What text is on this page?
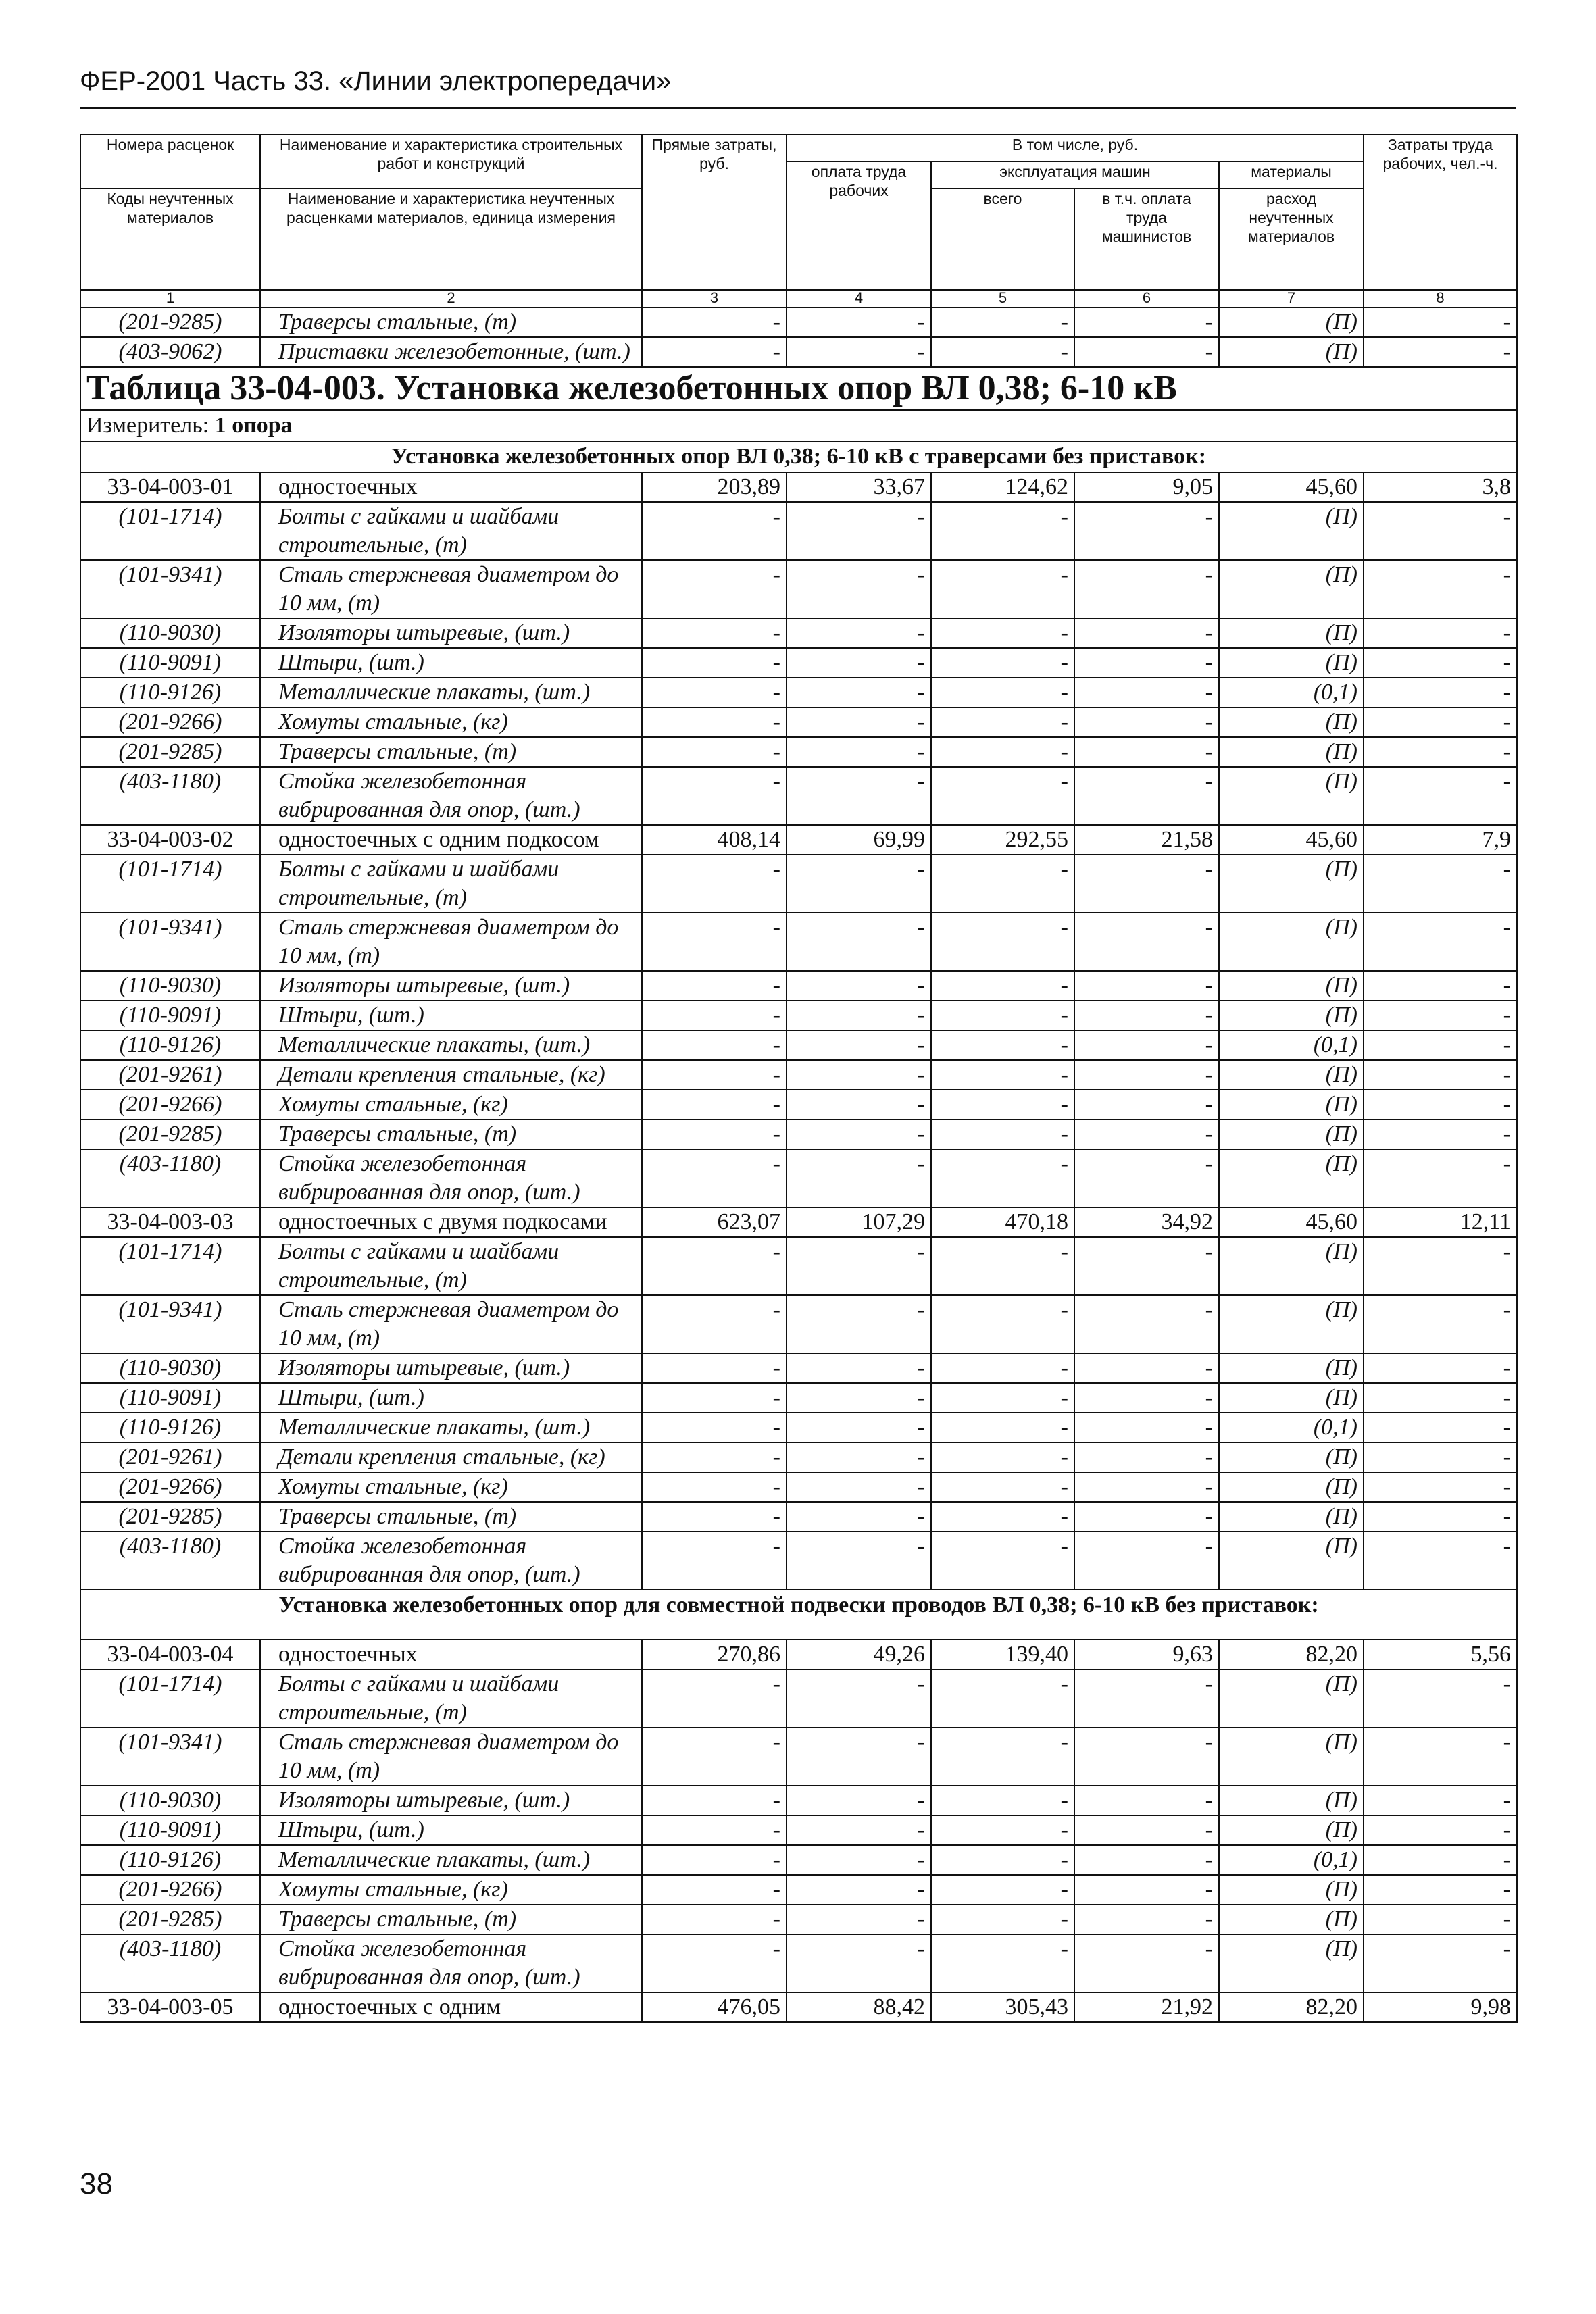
ФЕР-2001 Часть 33. «Линии электропередачи»
Номера расценок	Наименование и характеристика строительных работ и конструкций	Прямые затраты, руб.	В том числе, руб.				Затраты труда рабочих, чел.-ч.
			оплата труда рабочих	эксплуатация машин		материалы	
Коды неучтенных материалов	Наименование и характеристика неучтенных расценками материалов, единица измерения			всего	в т.ч. оплата труда машинистов	расход неучтенных материалов	
1	2	3	4	5	6	7	8
(201-9285)	Траверсы стальные, (т)	-	-	-	-	(П)	-
(403-9062)	Приставки железобетонные, (шт.)	-	-	-	-	(П)	-
Таблица 33-04-003. Установка железобетонных опор ВЛ 0,38; 6-10 кВ							
Измеритель: 1 опора							
Установка железобетонных опор ВЛ 0,38; 6-10 кВ с траверсами без приставок:							
33-04-003-01	одностоечных	203,89	33,67	124,62	9,05	45,60	3,8
(101-1714)	Болты с гайками и шайбами строительные, (т)	-	-	-	-	(П)	-
(101-9341)	Сталь стержневая диаметром до 10 мм, (т)	-	-	-	-	(П)	-
(110-9030)	Изоляторы штыревые, (шт.)	-	-	-	-	(П)	-
(110-9091)	Штыри, (шт.)	-	-	-	-	(П)	-
(110-9126)	Металлические плакаты, (шт.)	-	-	-	-	(0,1)	-
(201-9266)	Хомуты стальные, (кг)	-	-	-	-	(П)	-
(201-9285)	Траверсы стальные, (т)	-	-	-	-	(П)	-
(403-1180)	Стойка железобетонная вибрированная для опор, (шт.)	-	-	-	-	(П)	-
33-04-003-02	одностоечных с одним подкосом	408,14	69,99	292,55	21,58	45,60	7,9
(101-1714)	Болты с гайками и шайбами строительные, (т)	-	-	-	-	(П)	-
(101-9341)	Сталь стержневая диаметром до 10 мм, (т)	-	-	-	-	(П)	-
(110-9030)	Изоляторы штыревые, (шт.)	-	-	-	-	(П)	-
(110-9091)	Штыри, (шт.)	-	-	-	-	(П)	-
(110-9126)	Металлические плакаты, (шт.)	-	-	-	-	(0,1)	-
(201-9261)	Детали крепления стальные, (кг)	-	-	-	-	(П)	-
(201-9266)	Хомуты стальные, (кг)	-	-	-	-	(П)	-
(201-9285)	Траверсы стальные, (т)	-	-	-	-	(П)	-
(403-1180)	Стойка железобетонная вибрированная для опор, (шт.)	-	-	-	-	(П)	-
33-04-003-03	одностоечных с двумя подкосами	623,07	107,29	470,18	34,92	45,60	12,11
(101-1714)	Болты с гайками и шайбами строительные, (т)	-	-	-	-	(П)	-
(101-9341)	Сталь стержневая диаметром до 10 мм, (т)	-	-	-	-	(П)	-
(110-9030)	Изоляторы штыревые, (шт.)	-	-	-	-	(П)	-
(110-9091)	Штыри, (шт.)	-	-	-	-	(П)	-
(110-9126)	Металлические плакаты, (шт.)	-	-	-	-	(0,1)	-
(201-9261)	Детали крепления стальные, (кг)	-	-	-	-	(П)	-
(201-9266)	Хомуты стальные, (кг)	-	-	-	-	(П)	-
(201-9285)	Траверсы стальные, (т)	-	-	-	-	(П)	-
(403-1180)	Стойка железобетонная вибрированная для опор, (шт.)	-	-	-	-	(П)	-
Установка железобетонных опор для совместной подвески проводов ВЛ 0,38; 6-10 кВ без приставок:							
33-04-003-04	одностоечных	270,86	49,26	139,40	9,63	82,20	5,56
(101-1714)	Болты с гайками и шайбами строительные, (т)	-	-	-	-	(П)	-
(101-9341)	Сталь стержневая диаметром до 10 мм, (т)	-	-	-	-	(П)	-
(110-9030)	Изоляторы штыревые, (шт.)	-	-	-	-	(П)	-
(110-9091)	Штыри, (шт.)	-	-	-	-	(П)	-
(110-9126)	Металлические плакаты, (шт.)	-	-	-	-	(0,1)	-
(201-9266)	Хомуты стальные, (кг)	-	-	-	-	(П)	-
(201-9285)	Траверсы стальные, (т)	-	-	-	-	(П)	-
(403-1180)	Стойка железобетонная вибрированная для опор, (шт.)	-	-	-	-	(П)	-
33-04-003-05	одностоечных с одним	476,05	88,42	305,43	21,92	82,20	9,98
38
